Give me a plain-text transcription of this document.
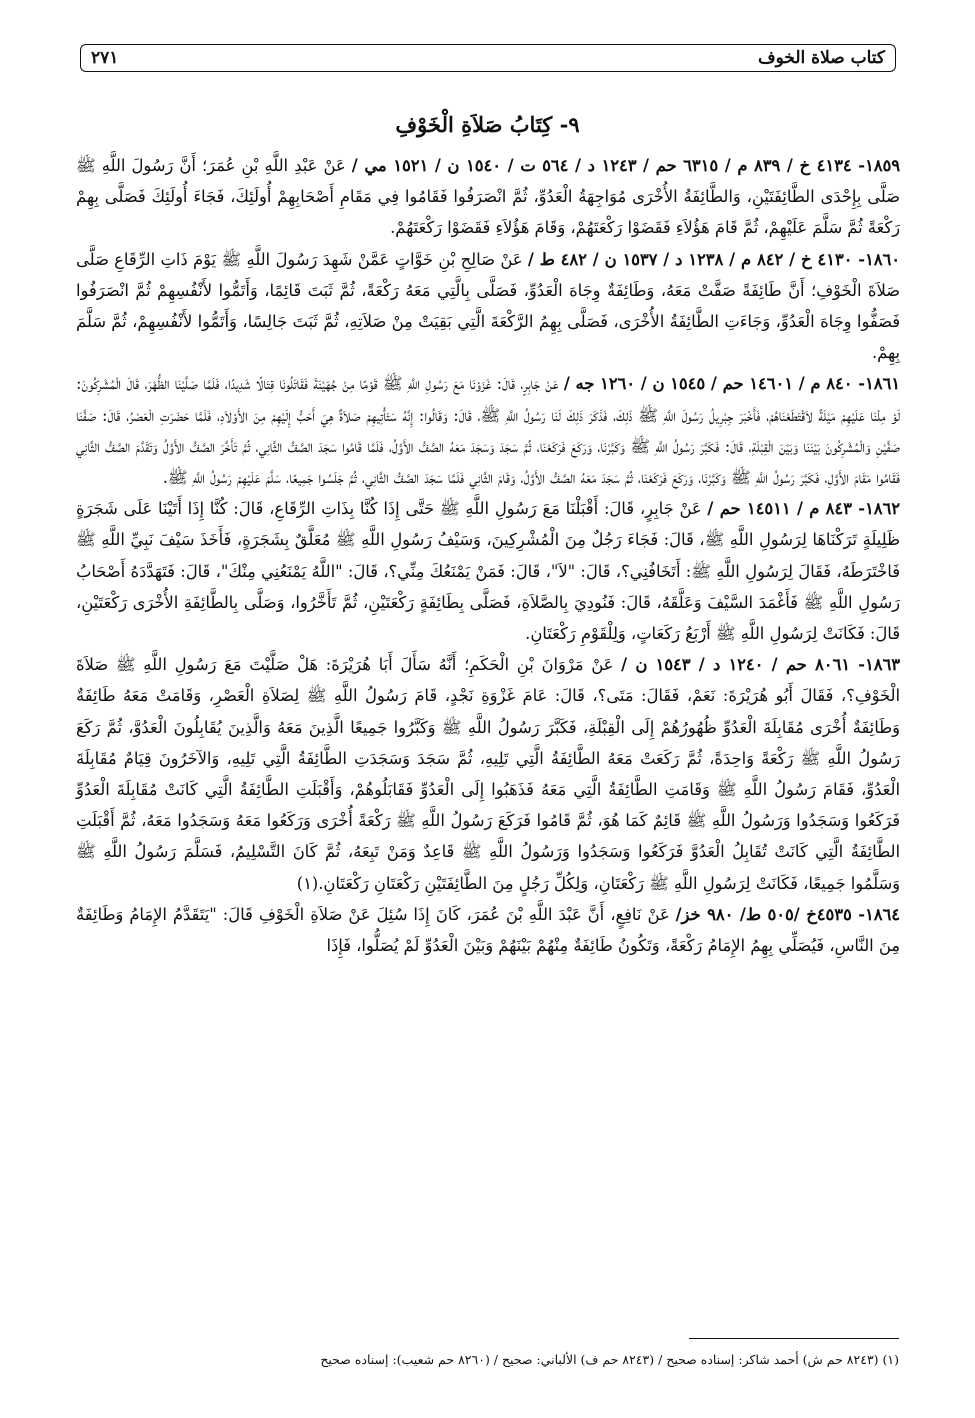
كتاب صلاة الخوف
٢٧١
٩- كِتَابُ صَلاَةِ الْخَوْفِ

١٨٥٩- ٤١٣٤ خ / ٨٣٩ م / ٦٣١٥ حم / ١٢٤٣ د / ٥٦٤ ت / ١٥٤٠ ن / ١٥٢١ مي / عَنْ عَبْدِ اللَّهِ بْنِ عُمَرَ؛ أَنَّ رَسُولَ اللَّهِ ﷺ صَلَّى بِإِحْدَى الطَّائِفَتَيْنِ، وَالطَّائِفَةُ الأُخْرَى مُوَاجِهَةُ الْعَدُوِّ، ثُمَّ انْصَرَفُوا فَقَامُوا فِي مَقَامِ أَصْحَابِهِمْ أُولَئِكَ، فَجَاءَ أُولَئِكَ فَصَلَّى بِهِمْ رَكْعَةً ثُمَّ سَلَّمَ عَلَيْهِمْ، ثُمَّ قَامَ هَؤُلاَءِ فَقَضَوْا رَكْعَتَهُمْ، وَقَامَ هَؤُلاَءِ فَقَضَوْا رَكْعَتَهُمْ.

١٨٦٠- ٤١٣٠ خ / ٨٤٢ م / ١٢٣٨ د / ١٥٣٧ ن / ٤٨٢ ط / عَنْ صَالِحِ بْنِ خَوَّاتٍ عَمَّنْ شَهِدَ رَسُولَ اللَّهِ ﷺ يَوْمَ ذَاتِ الرِّقَاعِ صَلَّى صَلاَةَ الْخَوْفِ؛ أَنَّ طَائِفَةً صَفَّتْ مَعَهُ، وَطَائِفَةٌ وِجَاهَ الْعَدُوِّ، فَصَلَّى بِالَّتِي مَعَهُ رَكْعَةً، ثُمَّ ثَبَتَ قَائِمًا، وَأَتَمُّوا لأَنْفُسِهِمْ ثُمَّ انْصَرَفُوا فَصَفُّوا وِجَاهَ الْعَدُوِّ، وَجَاءَتِ الطَّائِفَةُ الأُخْرَى، فَصَلَّى بِهِمُ الرَّكْعَةَ الَّتِي بَقِيَتْ مِنْ صَلاَتِهِ، ثُمَّ ثَبَتَ جَالِسًا، وَأَتَمُّوا لأَنْفُسِهِمْ، ثُمَّ سَلَّمَ بِهِمْ.

١٨٦١- ٨٤٠ م / ١٤٦٠١ حم / ١٥٤٥ ن / ١٢٦٠ جه / عَنْ جَابِرٍ، قَالَ: غَزَوْنَا مَعَ رَسُولِ اللَّهِ ﷺ قَوْمًا مِنْ جُهَيْنَةَ فَقَاتَلُونَا قِتَالًا شَدِيدًا، فَلَمَّا صَلَّيْنَا الظُّهْرَ، قَالَ الْمُشْرِكُونَ: لَوْ مِلْنَا عَلَيْهِمْ مَيْلَةً لاَقْتَطَعْنَاهُمْ، فَأَخْبَرَ جِبْرِيلُ رَسُولَ اللَّهِ ﷺ ذَلِكَ، فَذَكَرَ ذَلِكَ لَنَا رَسُولُ اللَّهِ ﷺ، قَالَ: وَقَالُوا: إِنَّهُ سَتَأْتِيهِمْ صَلاَةٌ هِيَ أَحَبُّ إِلَيْهِمْ مِنَ الأَوْلاَدِ، فَلَمَّا حَضَرَتِ الْعَصْرُ، قَالَ: صَفَّنَا صَفَّيْنِ وَالْمُشْرِكُونَ بَيْنَنَا وَبَيْنَ الْقِبْلَةِ، قَالَ: فَكَبَّرَ رَسُولُ اللَّهِ ﷺ وَكَبَّرْنَا، وَرَكَعَ فَرَكَعْنَا، ثُمَّ سَجَدَ وَسَجَدَ مَعَهُ الصَّفُّ الأَوَّلُ، فَلَمَّا قَامُوا سَجَدَ الصَّفُّ الثَّانِي، ثُمَّ تَأَخَّرَ الصَّفُّ الأَوَّلُ وَتَقَدَّمَ الصَّفُّ الثَّانِي فَقَامُوا مَقَامَ الأَوَّلِ، فَكَبَّرَ رَسُولُ اللَّهِ ﷺ وَكَبَّرْنَا، وَرَكَعَ فَرَكَعْنَا، ثُمَّ سَجَدَ مَعَهُ الصَّفُّ الأَوَّلُ، وَقَامَ الثَّانِي فَلَمَّا سَجَدَ الصَّفُّ الثَّانِي، ثُمَّ جَلَسُوا جَمِيعًا، سَلَّمَ عَلَيْهِمْ رَسُولُ اللَّهِ ﷺ.

١٨٦٢- ٨٤٣ م / ١٤٥١١ حم / عَنْ جَابِرٍ، قَالَ: أَقْبَلْنَا مَعَ رَسُولِ اللَّهِ ﷺ حَتَّى إِذَا كُنَّا بِذَاتِ الرِّقَاعِ، قَالَ: كُنَّا إِذَا أَتَيْنَا عَلَى شَجَرَةٍ ظَلِيلَةٍ تَرَكْنَاهَا لِرَسُولِ اللَّهِ ﷺ، قَالَ: فَجَاءَ رَجُلٌ مِنَ الْمُشْرِكِينَ، وَسَيْفُ رَسُولِ اللَّهِ ﷺ مُعَلَّقٌ بِشَجَرَةٍ، فَأَخَذَ سَيْفَ نَبِيِّ اللَّهِ ﷺ فَاخْتَرَطَهُ، فَقَالَ لِرَسُولِ اللَّهِ ﷺ: أَتَخَافُنِي؟، قَالَ: "لاَ"، قَالَ: فَمَنْ يَمْنَعُكَ مِنِّي؟، قَالَ: "اللَّهُ يَمْنَعُنِي مِنْكَ"، قَالَ: فَتَهَدَّدَهُ أَصْحَابُ رَسُولِ اللَّهِ ﷺ فَأَغْمَدَ السَّيْفَ وَعَلَّقَهُ، قَالَ: فَنُودِيَ بِالصَّلاَةِ، فَصَلَّى بِطَائِفَةٍ رَكْعَتَيْنِ، ثُمَّ تَأَخَّرُوا، وَصَلَّى بِالطَّائِفَةِ الأُخْرَى رَكْعَتَيْنِ، قَالَ: فَكَانَتْ لِرَسُولِ اللَّهِ ﷺ أَرْبَعُ رَكَعَاتٍ، وَلِلْقَوْمِ رَكْعَتَانِ.

١٨٦٣- ٨٠٦١ حم / ١٢٤٠ د / ١٥٤٣ ن / عَنْ مَرْوَانَ بْنِ الْحَكَمِ؛ أَنَّهُ سَأَلَ أَبَا هُرَيْرَةَ: هَلْ صَلَّيْتَ مَعَ رَسُولِ اللَّهِ ﷺ صَلاَةَ الْخَوْفِ؟، فَقَالَ أَبُو هُرَيْرَةَ: نَعَمْ، فَقَالَ: مَتَى؟، قَالَ: عَامَ غَزْوَةِ نَجْدٍ، قَامَ رَسُولُ اللَّهِ ﷺ لِصَلاَةِ الْعَصْرِ، وَقَامَتْ مَعَهُ طَائِفَةٌ وَطَائِفَةٌ أُخْرَى مُقَابِلَةَ الْعَدُوِّ ظُهُورُهُمْ إِلَى الْقِبْلَةِ، فَكَبَّرَ رَسُولُ اللَّهِ ﷺ وَكَبَّرُوا جَمِيعًا الَّذِينَ مَعَهُ وَالَّذِينَ يُقَابِلُونَ الْعَدُوَّ، ثُمَّ رَكَعَ رَسُولُ اللَّهِ ﷺ رَكْعَةً وَاحِدَةً، ثُمَّ رَكَعَتْ مَعَهُ الطَّائِفَةُ الَّتِي تَلِيهِ، ثُمَّ سَجَدَ وَسَجَدَتِ الطَّائِفَةُ الَّتِي تَلِيهِ، وَالآخَرُونَ قِيَامٌ مُقَابِلَةَ الْعَدُوِّ، فَقَامَ رَسُولُ اللَّهِ ﷺ وَقَامَتِ الطَّائِفَةُ الَّتِي مَعَهُ فَذَهَبُوا إِلَى الْعَدُوِّ فَقَابَلُوهُمْ، وَأَقْبَلَتِ الطَّائِفَةُ الَّتِي كَانَتْ مُقَابِلَةَ الْعَدُوِّ فَرَكَعُوا وَسَجَدُوا وَرَسُولُ اللَّهِ ﷺ قَائِمٌ كَمَا هُوَ، ثُمَّ قَامُوا فَرَكَعَ رَسُولُ اللَّهِ ﷺ رَكْعَةً أُخْرَى وَرَكَعُوا مَعَهُ وَسَجَدُوا مَعَهُ، ثُمَّ أَقْبَلَتِ الطَّائِفَةُ الَّتِي كَانَتْ تُقَابِلُ الْعَدُوَّ فَرَكَعُوا وَسَجَدُوا وَرَسُولُ اللَّهِ ﷺ قَاعِدٌ وَمَنْ تَبِعَهُ، ثُمَّ كَانَ التَّسْلِيمُ، فَسَلَّمَ رَسُولُ اللَّهِ ﷺ وَسَلَّمُوا جَمِيعًا، فَكَانَتْ لِرَسُولِ اللَّهِ ﷺ رَكْعَتَانِ، وَلِكُلِّ رَجُلٍ مِنَ الطَّائِفَتَيْنِ رَكْعَتَانِ رَكْعَتَانِ.(١)

١٨٦٤- ٤٥٣٥خ /٥٠٥ ط/ ٩٨٠ خز/ عَنْ نَافِعٍ، أَنَّ عَبْدَ اللَّهِ بْنَ عُمَرَ، كَانَ إِذَا سُئِلَ عَنْ صَلاَةِ الْخَوْفِ قَالَ: "يَتَقَدَّمُ الإِمَامُ وَطَائِفَةٌ مِنَ النَّاسِ، فَيُصَلِّي بِهِمُ الإِمَامُ رَكْعَةً، وَتَكُونُ طَائِفَةٌ مِنْهُمْ بَيْنَهُمْ وَبَيْنَ الْعَدُوِّ لَمْ يُصَلُّوا، فَإِذَا

(١) (٨٢٤٣ حم ش) أحمد شاكر: إسناده صحيح / (٨٢٤٣ حم ف) الألباني: صحيح / (٨٢٦٠ حم شعيب): إسناده صحيح
